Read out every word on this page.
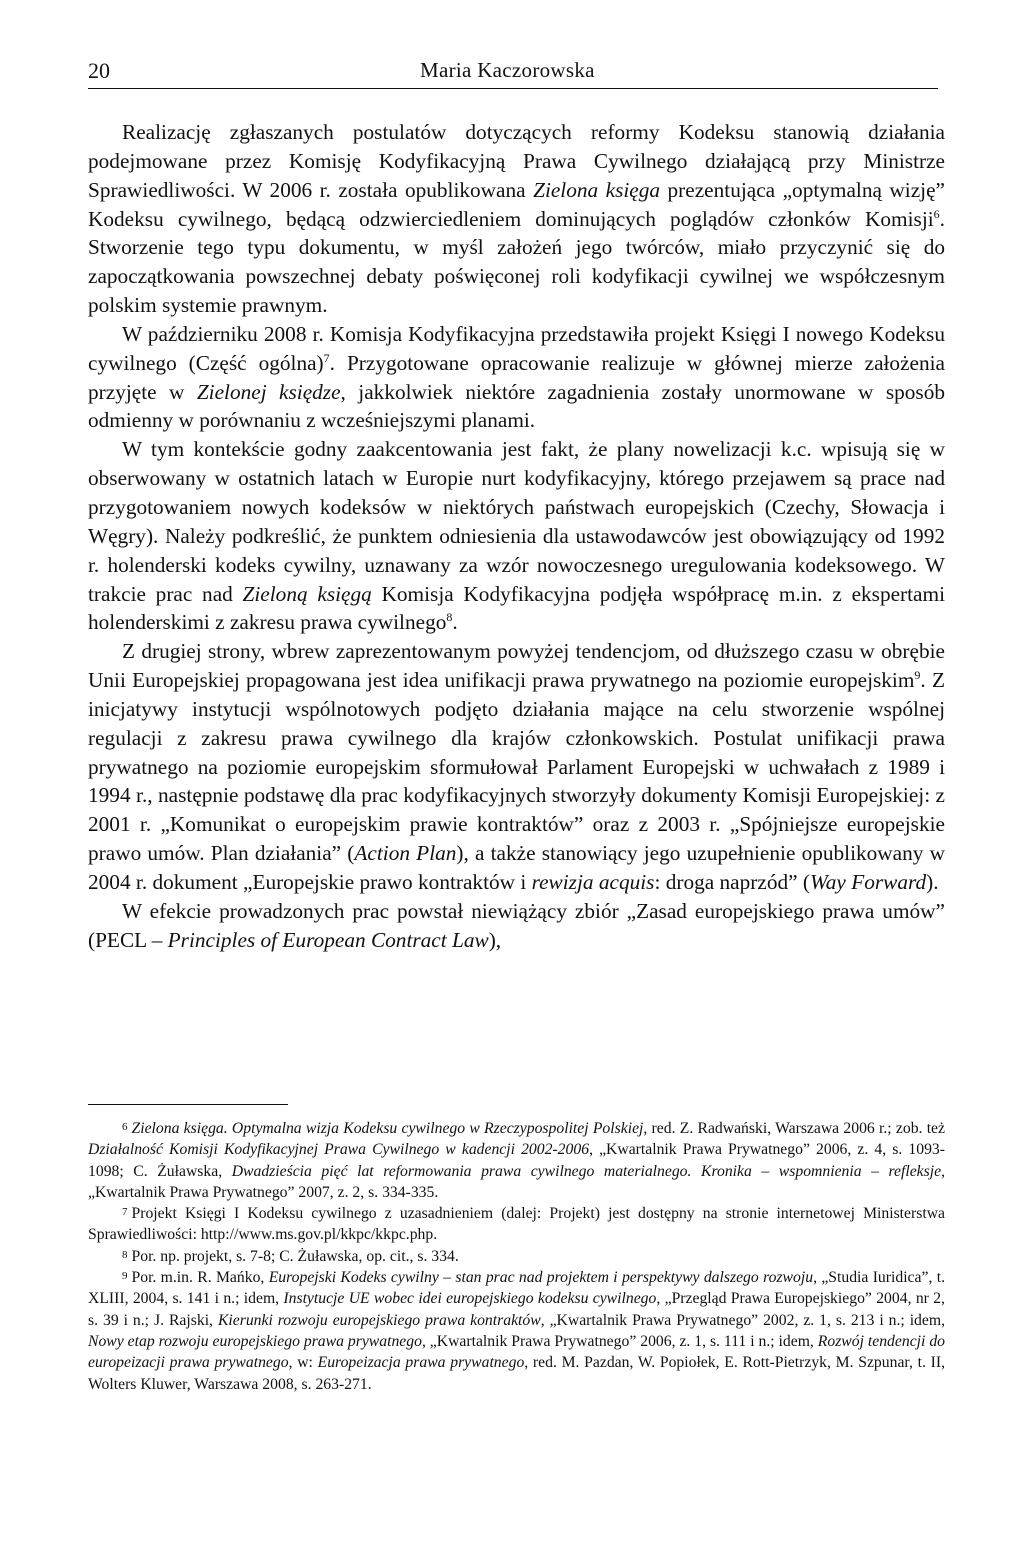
20	Maria Kaczorowska

Realizację zgłaszanych postulatów dotyczących reformy Kodeksu stanowią działania podejmowane przez Komisję Kodyfikacyjną Prawa Cywilnego działającą przy Ministrze Sprawiedliwości. W 2006 r. została opublikowana Zielona księga prezentująca „optymalną wizję” Kodeksu cywilnego, będącą odzwierciedleniem dominujących poglądów członków Komisji$^6$. Stworzenie tego typu dokumentu, w myśl założeń jego twórców, miało przyczynić się do zapoczątkowania powszechnej debaty poświęconej roli kodyfikacji cywilnej we współczesnym polskim systemie prawnym.

W październiku 2008 r. Komisja Kodyfikacyjna przedstawiła projekt Księgi I nowego Kodeksu cywilnego (Część ogólna)$^7$. Przygotowane opracowanie realizuje w głównej mierze założenia przyjęte w Zielonej księdze, jakkolwiek niektóre zagadnienia zostały unormowane w sposób odmienny w porównaniu z wcześniejszymi planami.

W tym kontekście godny zaakcentowania jest fakt, że plany nowelizacji k.c. wpisują się w obserwowany w ostatnich latach w Europie nurt kodyfikacyjny, którego przejawem są prace nad przygotowaniem nowych kodeksów w niektórych państwach europejskich (Czechy, Słowacja i Węgry). Należy podkreślić, że punktem odniesienia dla ustawodawców jest obowiązujący od 1992 r. holenderski kodeks cywilny, uznawany za wzór nowoczesnego uregulowania kodeksowego. W trakcie prac nad Zieloną księgą Komisja Kodyfikacyjna podjęła współpracę m.in. z ekspertami holenderskimi z zakresu prawa cywilnego$^8$.

Z drugiej strony, wbrew zaprezentowanym powyżej tendencjom, od dłuższego czasu w obrębie Unii Europejskiej propagowana jest idea unifikacji prawa prywatnego na poziomie europejskim$^9$. Z inicjatywy instytucji wspólnotowych podjęto działania mające na celu stworzenie wspólnej regulacji z zakresu prawa cywilnego dla krajów członkowskich. Postulat unifikacji prawa prywatnego na poziomie europejskim sformułował Parlament Europejski w uchwałach z 1989 i 1994 r., następnie podstawę dla prac kodyfikacyjnych stworzyły dokumenty Komisji Europejskiej: z 2001 r. „Komunikat o europejskim prawie kontraktów” oraz z 2003 r. „Spójniejsze europejskie prawo umów. Plan działania” (Action Plan), a także stanowiący jego uzupełnienie opublikowany w 2004 r. dokument „Europejskie prawo kontraktów i rewizja acquis: droga naprzód” (Way Forward).

W efekcie prowadzonych prac powstał niewiążący zbiór „Zasad europejskiego prawa umów” (PECL – Principles of European Contract Law),

$^6$ Zielona księga. Optymalna wizja Kodeksu cywilnego w Rzeczypospolitej Polskiej, red. Z. Radwański, Warszawa 2006 r.; zob. też Działalność Komisji Kodyfikacyjnej Prawa Cywilnego w kadencji 2002-2006, „Kwartalnik Prawa Prywatnego” 2006, z. 4, s. 1093-1098; C. Żuławska, Dwadzieścia pięć lat reformowania prawa cywilnego materialnego. Kronika – wspomnienia – refleksje, „Kwartalnik Prawa Prywatnego” 2007, z. 2, s. 334-335.

$^7$ Projekt Księgi I Kodeksu cywilnego z uzasadnieniem (dalej: Projekt) jest dostępny na stronie internetowej Ministerstwa Sprawiedliwości: http://www.ms.gov.pl/kkpc/kkpc.php.

$^8$ Por. np. projekt, s. 7-8; C. Żuławska, op. cit., s. 334.

$^9$ Por. m.in. R. Mańko, Europejski Kodeks cywilny – stan prac nad projektem i perspektywy dalszego rozwoju, „Studia Iuridica”, t. XLIII, 2004, s. 141 i n.; idem, Instytucje UE wobec idei europejskiego kodeksu cywilnego, „Przegląd Prawa Europejskiego” 2004, nr 2, s. 39 i n.; J. Rajski, Kierunki rozwoju europejskiego prawa kontraktów, „Kwartalnik Prawa Prywatnego” 2002, z. 1, s. 213 i n.; idem, Nowy etap rozwoju europejskiego prawa prywatnego, „Kwartalnik Prawa Prywatnego” 2006, z. 1, s. 111 i n.; idem, Rozwój tendencji do europeizacji prawa prywatnego, w: Europeizacja prawa prywatnego, red. M. Pazdan, W. Popiołek, E. Rott-Pietrzyk, M. Szpunar, t. II, Wolters Kluwer, Warszawa 2008, s. 263-271.
